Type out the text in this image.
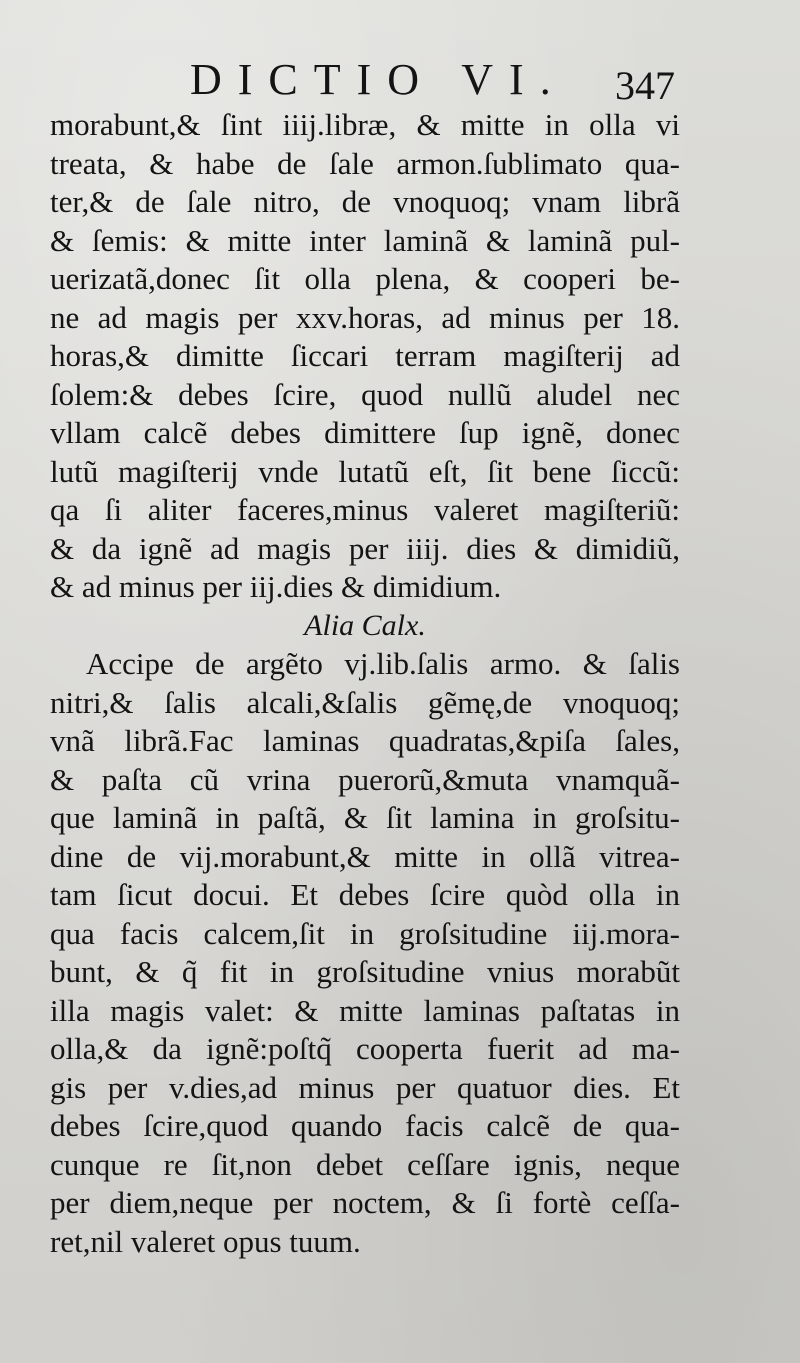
DICTIO VI. 347
morabunt,& ſint iiij.libræ, & mitte in olla vi
treata, & habe de ſale armon.ſublimato qua-
ter,& de ſale nitro, de vnoquoq; vnam librã
& ſemis: & mitte inter laminã & laminã pul-
uerizatã,donec ſit olla plena, & cooperi be-
ne ad magis per xxv.horas, ad minus per 18.
horas,& dimitte ſiccari terram magiſterij ad
ſolem:& debes ſcire, quod nullũ aludel nec
vllam calcẽ debes dimittere ſup ignẽ, donec
lutũ magiſterij vnde lutatũ eſt, ſit bene ſiccũ:
qa ſi aliter faceres,minus valeret magiſteriũ:
& da ignẽ ad magis per iiij. dies & dimidiũ,
& ad minus per iij.dies & dimidium.
Alia Calx.
Accipe de argẽto vj.lib.ſalis armo. & ſalis
nitri,& ſalis alcali,&ſalis gẽmę,de vnoquoq;
vnã librã.Fac laminas quadratas,&piſa ſales,
& paſta cũ vrina puerorũ,&muta vnamquã-
que laminã in paſtã, & ſit lamina in groſsitu-
dine de vij.morabunt,& mitte in ollã vitrea-
tam ſicut docui. Et debes ſcire quòd olla in
qua facis calcem,ſit in groſsitudine iij.mora-
bunt, & q̃ fit in groſsitudine vnius morabũt
illa magis valet: & mitte laminas paſtatas in
olla,& da ignẽ:poſtq̃ cooperta fuerit ad ma-
gis per v.dies,ad minus per quatuor dies. Et
debes ſcire,quod quando facis calcẽ de qua-
cunque re ſit,non debet ceſſare ignis, neque
per diem,neque per noctem, & ſi fortè ceſſa-
ret,nil valeret opus tuum.
